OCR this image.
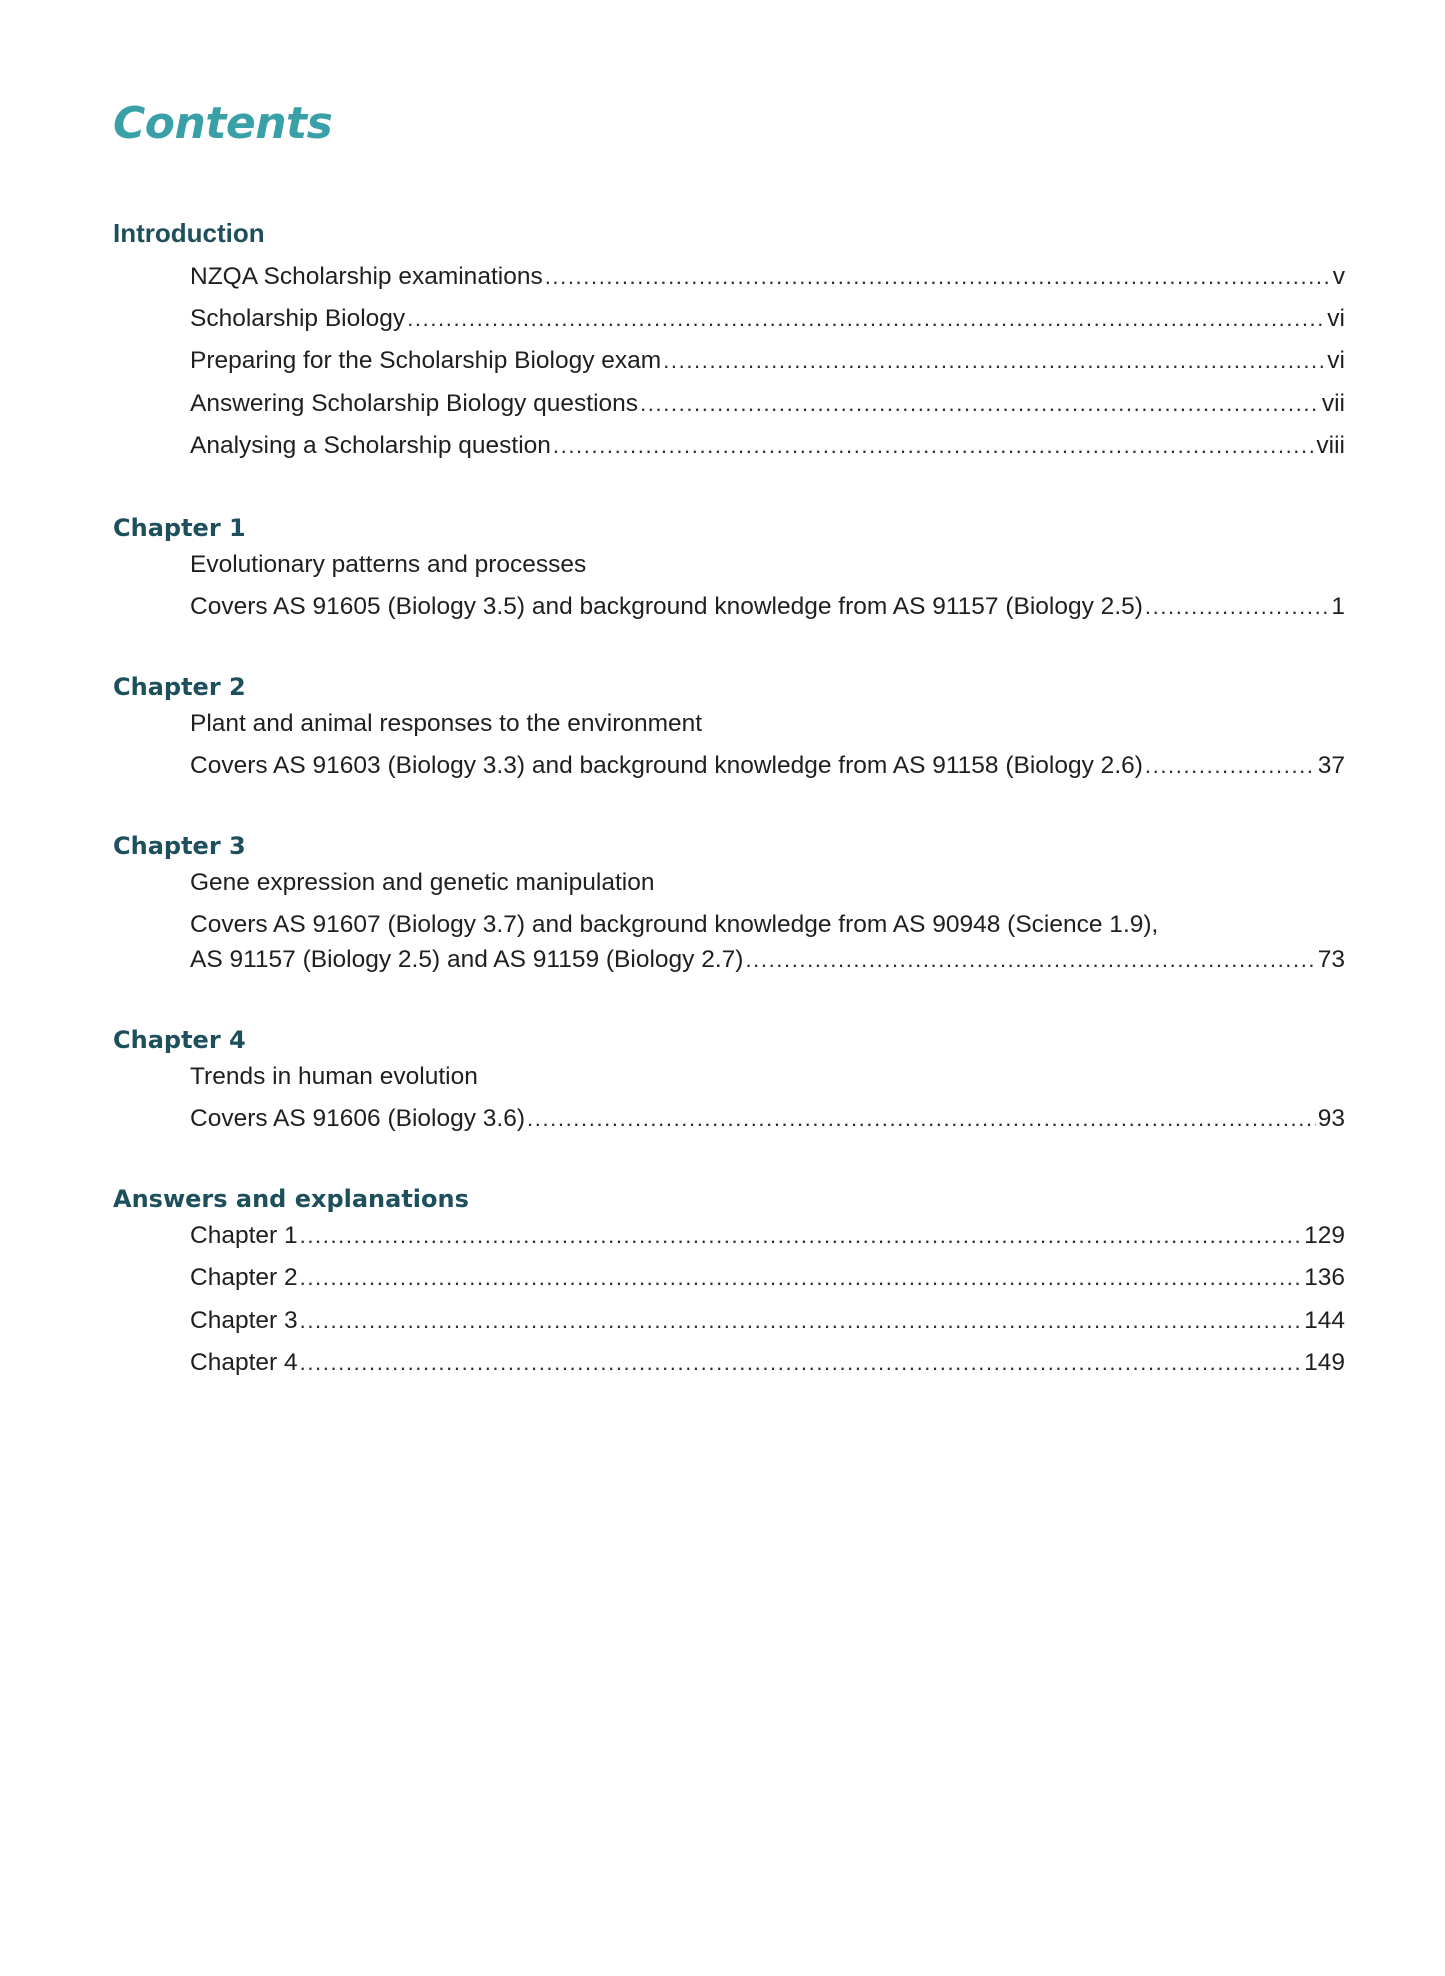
Contents
Introduction
NZQA Scholarship examinations .....	v
Scholarship Biology .....	vi
Preparing for the Scholarship Biology exam .....	vi
Answering Scholarship Biology questions .....	vii
Analysing a Scholarship question .....	viii
Chapter 1
Evolutionary patterns and processes
Covers AS 91605 (Biology 3.5) and background knowledge from AS 91157 (Biology 2.5) .....	1
Chapter 2
Plant and animal responses to the environment
Covers AS 91603 (Biology 3.3) and background knowledge from AS 91158 (Biology 2.6) .....	37
Chapter 3
Gene expression and genetic manipulation
Covers AS 91607 (Biology 3.7) and background knowledge from AS 90948 (Science 1.9),
AS 91157 (Biology 2.5) and AS 91159 (Biology 2.7) .....	73
Chapter 4
Trends in human evolution
Covers AS 91606 (Biology 3.6) .....	93
Answers and explanations
Chapter 1 .....	129
Chapter 2 .....	136
Chapter 3 .....	144
Chapter 4 .....	149
